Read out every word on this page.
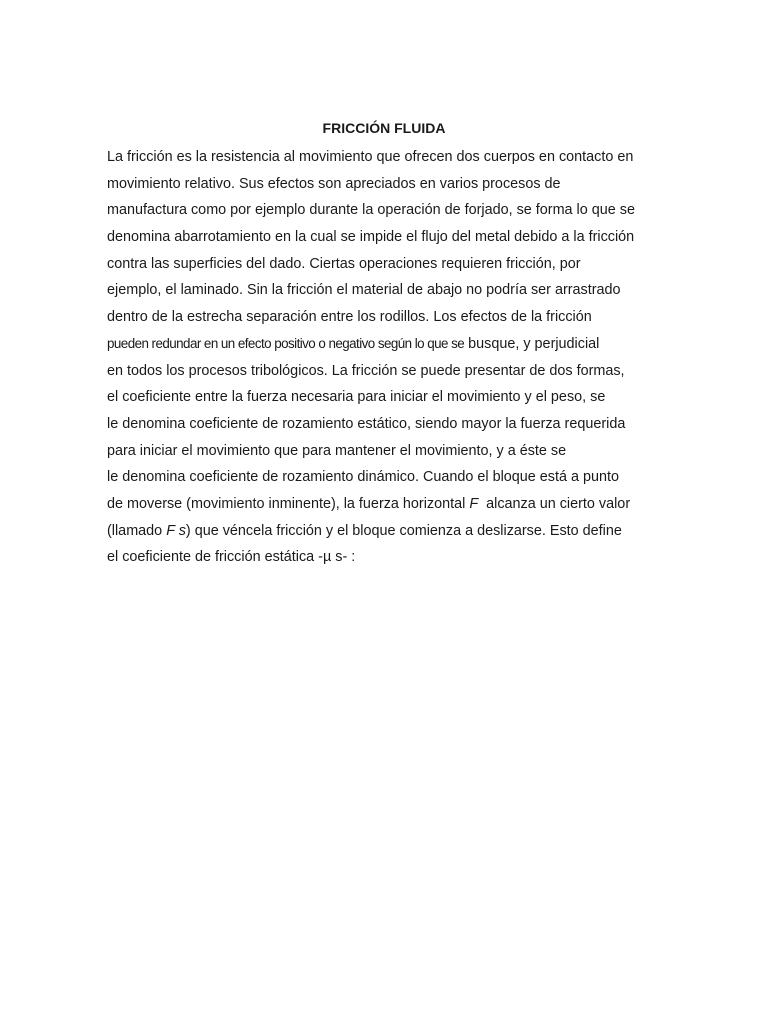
FRICCIÓN FLUIDA
La fricción es la resistencia al movimiento que ofrecen dos cuerpos en contacto en
movimiento relativo. Sus efectos son apreciados en varios procesos de
manufactura como por ejemplo durante la operación de forjado, se forma lo que se
denomina abarrotamiento en la cual se impide el flujo del metal debido a la fricción
contra las superficies del dado. Ciertas operaciones requieren fricción, por
ejemplo, el laminado. Sin la fricción el material de abajo no podría ser arrastrado
dentro de la estrecha separación entre los rodillos. Los efectos de la fricción
pueden redundar en un efecto positivo o negativo según lo que se busque, y perjudicial
en todos los procesos tribológicos. La fricción se puede presentar de dos formas,
el coeficiente entre la fuerza necesaria para iniciar el movimiento y el peso, se
le denomina coeficiente de rozamiento estático, siendo mayor la fuerza requerida
para iniciar el movimiento que para mantener el movimiento, y a éste se
le denomina coeficiente de rozamiento dinámico. Cuando el bloque está a punto
de moverse (movimiento inminente), la fuerza horizontal F  alcanza un cierto valor
(llamado F s) que véncela fricción y el bloque comienza a deslizarse. Esto define
el coeficiente de fricción estática -µ s- :
